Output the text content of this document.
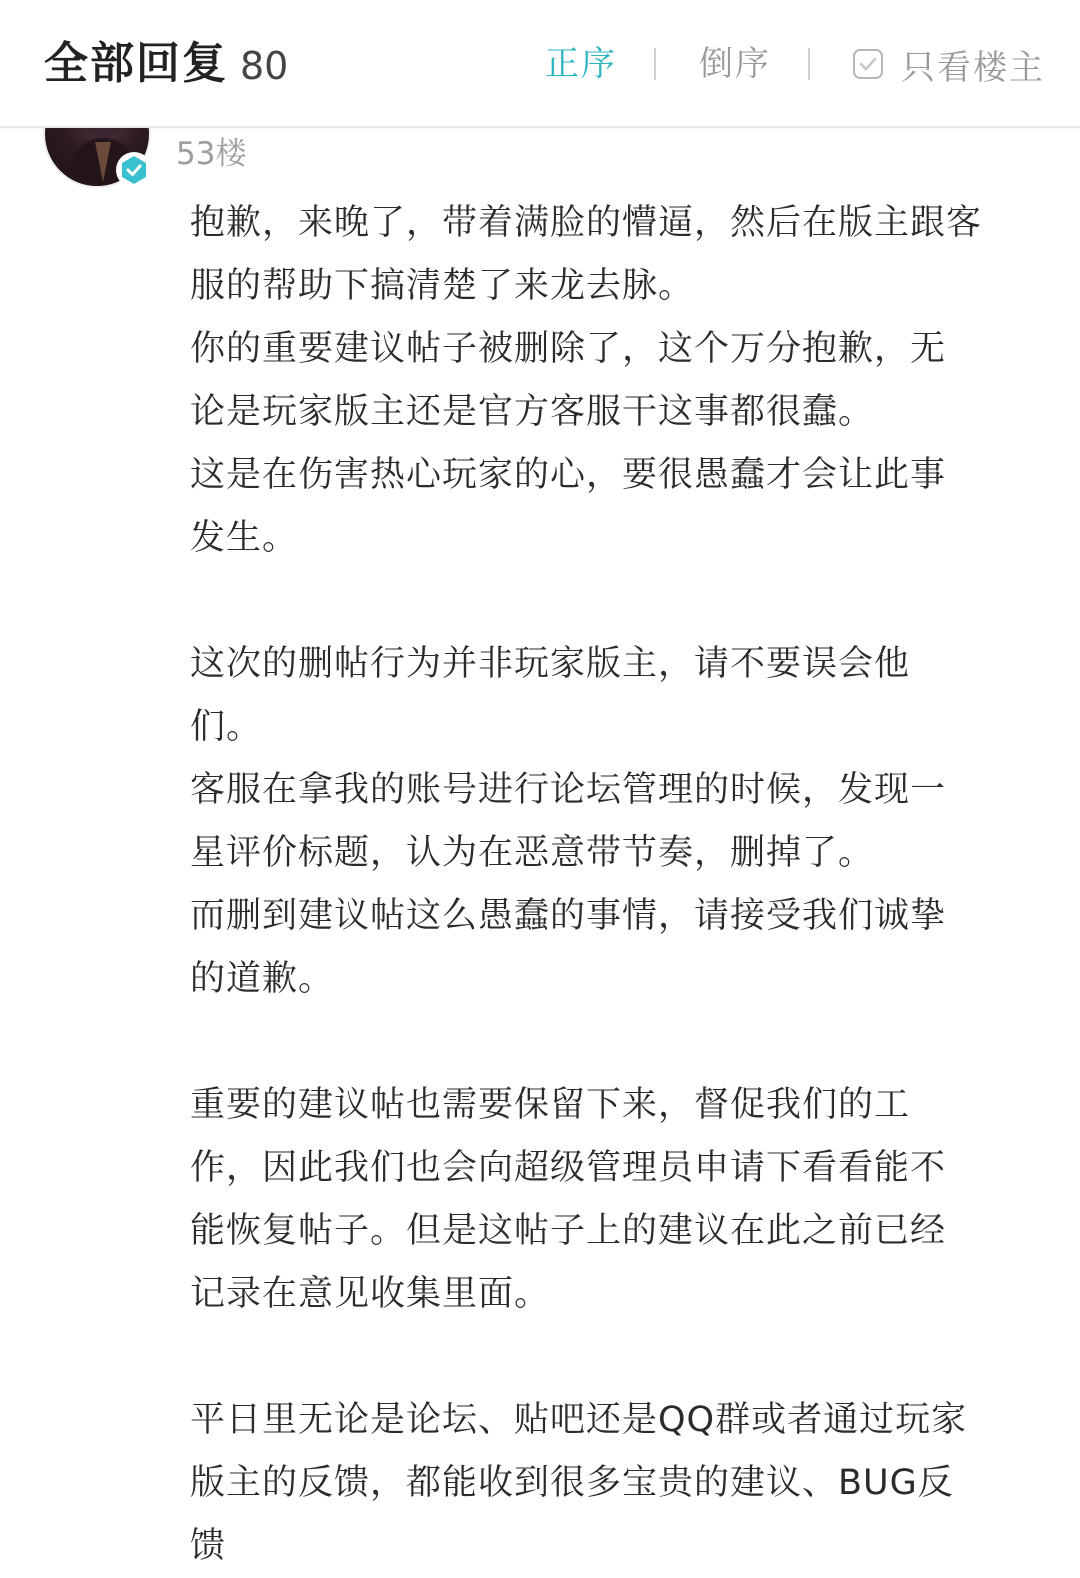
全部回复 80	正序 倒序	只看楼主
53楼
抱歉，来晚了，带着满脸的懵逼，然后在版主跟客
服的帮助下搞清楚了来龙去脉。
你的重要建议帖子被删除了，这个万分抱歉，无
论是玩家版主还是官方客服干这事都很蠢。
这是在伤害热心玩家的心，要很愚蠢才会让此事
发生。
这次的删帖行为并非玩家版主，请不要误会他
们。
客服在拿我的账号进行论坛管理的时候，发现一
星评价标题，认为在恶意带节奏，删掉了。
而删到建议帖这么愚蠢的事情，请接受我们诚挚
的道歉。
重要的建议帖也需要保留下来，督促我们的工
作，因此我们也会向超级管理员申请下看看能不
能恢复帖子。但是这帖子上的建议在此之前已经
记录在意见收集里面。
平日里无论是论坛、贴吧还是QQ群或者通过玩家
版主的反馈，都能收到很多宝贵的建议、BUG反
馈
